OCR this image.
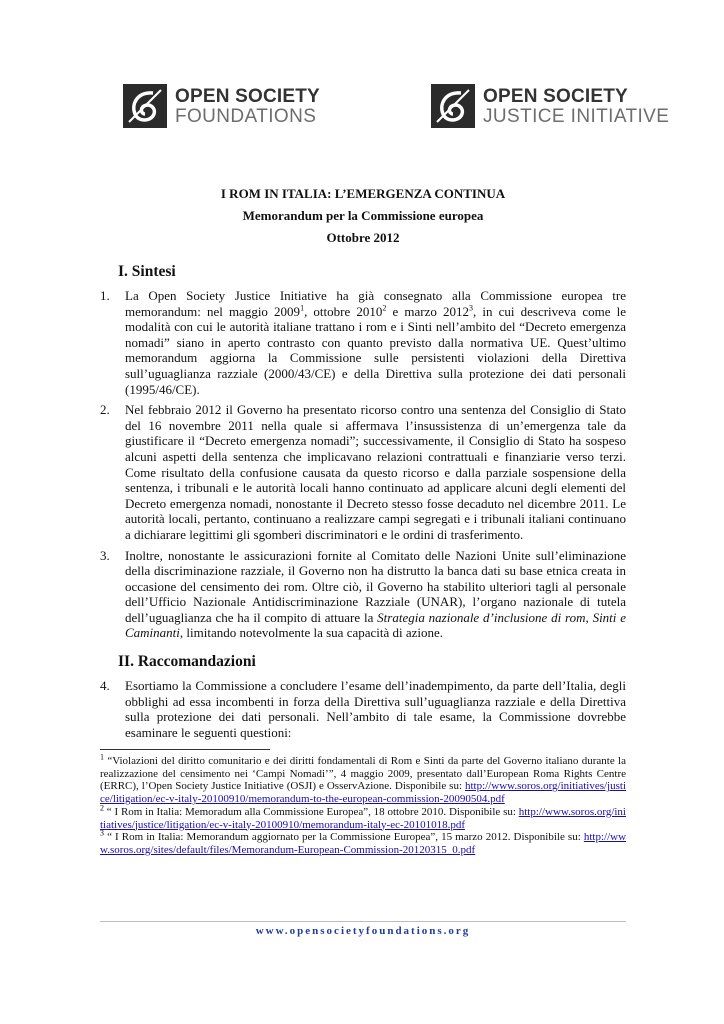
OPEN SOCIETY
FOUNDATIONS
OPEN SOCIETY
JUSTICE INITIATIVE
I ROM IN ITALIA: L’EMERGENZA CONTINUA
Memorandum per la Commissione europea
Ottobre 2012
I. Sintesi
1. La Open Society Justice Initiative ha già consegnato alla Commissione europea tre memorandum: nel maggio 2009$^1$, ottobre 2010$^2$ e marzo 2012$^3$, in cui descriveva come le modalità con cui le autorità italiane trattano i rom e i Sinti nell’ambito del “Decreto emergenza nomadi” siano in aperto contrasto con quanto previsto dalla normativa UE. Quest’ultimo memorandum aggiorna la Commissione sulle persistenti violazioni della Direttiva sull’uguaglianza razziale (2000/43/CE) e della Direttiva sulla protezione dei dati personali (1995/46/CE).
2. Nel febbraio 2012 il Governo ha presentato ricorso contro una sentenza del Consiglio di Stato del 16 novembre 2011 nella quale si affermava l’insussistenza di un’emergenza tale da giustificare il “Decreto emergenza nomadi”; successivamente, il Consiglio di Stato ha sospeso alcuni aspetti della sentenza che implicavano relazioni contrattuali e finanziarie verso terzi. Come risultato della confusione causata da questo ricorso e dalla parziale sospensione della sentenza, i tribunali e le autorità locali hanno continuato ad applicare alcuni degli elementi del Decreto emergenza nomadi, nonostante il Decreto stesso fosse decaduto nel dicembre 2011. Le autorità locali, pertanto, continuano a realizzare campi segregati e i tribunali italiani continuano a dichiarare legittimi gli sgomberi discriminatori e le ordini di trasferimento.
3. Inoltre, nonostante le assicurazioni fornite al Comitato delle Nazioni Unite sull’eliminazione della discriminazione razziale, il Governo non ha distrutto la banca dati su base etnica creata in occasione del censimento dei rom. Oltre ciò, il Governo ha stabilito ulteriori tagli al personale dell’Ufficio Nazionale Antidiscriminazione Razziale (UNAR), l’organo nazionale di tutela dell’uguaglianza che ha il compito di attuare la Strategia nazionale d’inclusione di rom, Sinti e Caminanti, limitando notevolmente la sua capacità di azione.
II. Raccomandazioni
4. Esortiamo la Commissione a concludere l’esame dell’inadempimento, da parte dell’Italia, degli obblighi ad essa incombenti in forza della Direttiva sull’uguaglianza razziale e della Direttiva sulla protezione dei dati personali. Nell’ambito di tale esame, la Commissione dovrebbe esaminare le seguenti questioni:
$^1$ “Violazioni del diritto comunitario e dei diritti fondamentali di Rom e Sinti da parte del Governo italiano durante la realizzazione del censimento nei ‘Campi Nomadi’”, 4 maggio 2009, presentato dall’European Roma Rights Centre (ERRC), l’Open Society Justice Initiative (OSJI) e OsservAzione. Disponibile su: http://www.soros.org/initiatives/justice/litigation/ec-v-italy-20100910/memorandum-to-the-european-commission-20090504.pdf
$^2$ “ I Rom in Italia: Memoradum alla Commissione Europea”, 18 ottobre 2010. Disponibile su: http://www.soros.org/initiatives/justice/litigation/ec-v-italy-20100910/memorandum-italy-ec-20101018.pdf
$^3$ “ I Rom in Italia: Memorandum aggiornato per la Commissione Europea”, 15 marzo 2012. Disponibile su: http://www.soros.org/sites/default/files/Memorandum-European-Commission-20120315_0.pdf
www.opensocietyfoundations.org
